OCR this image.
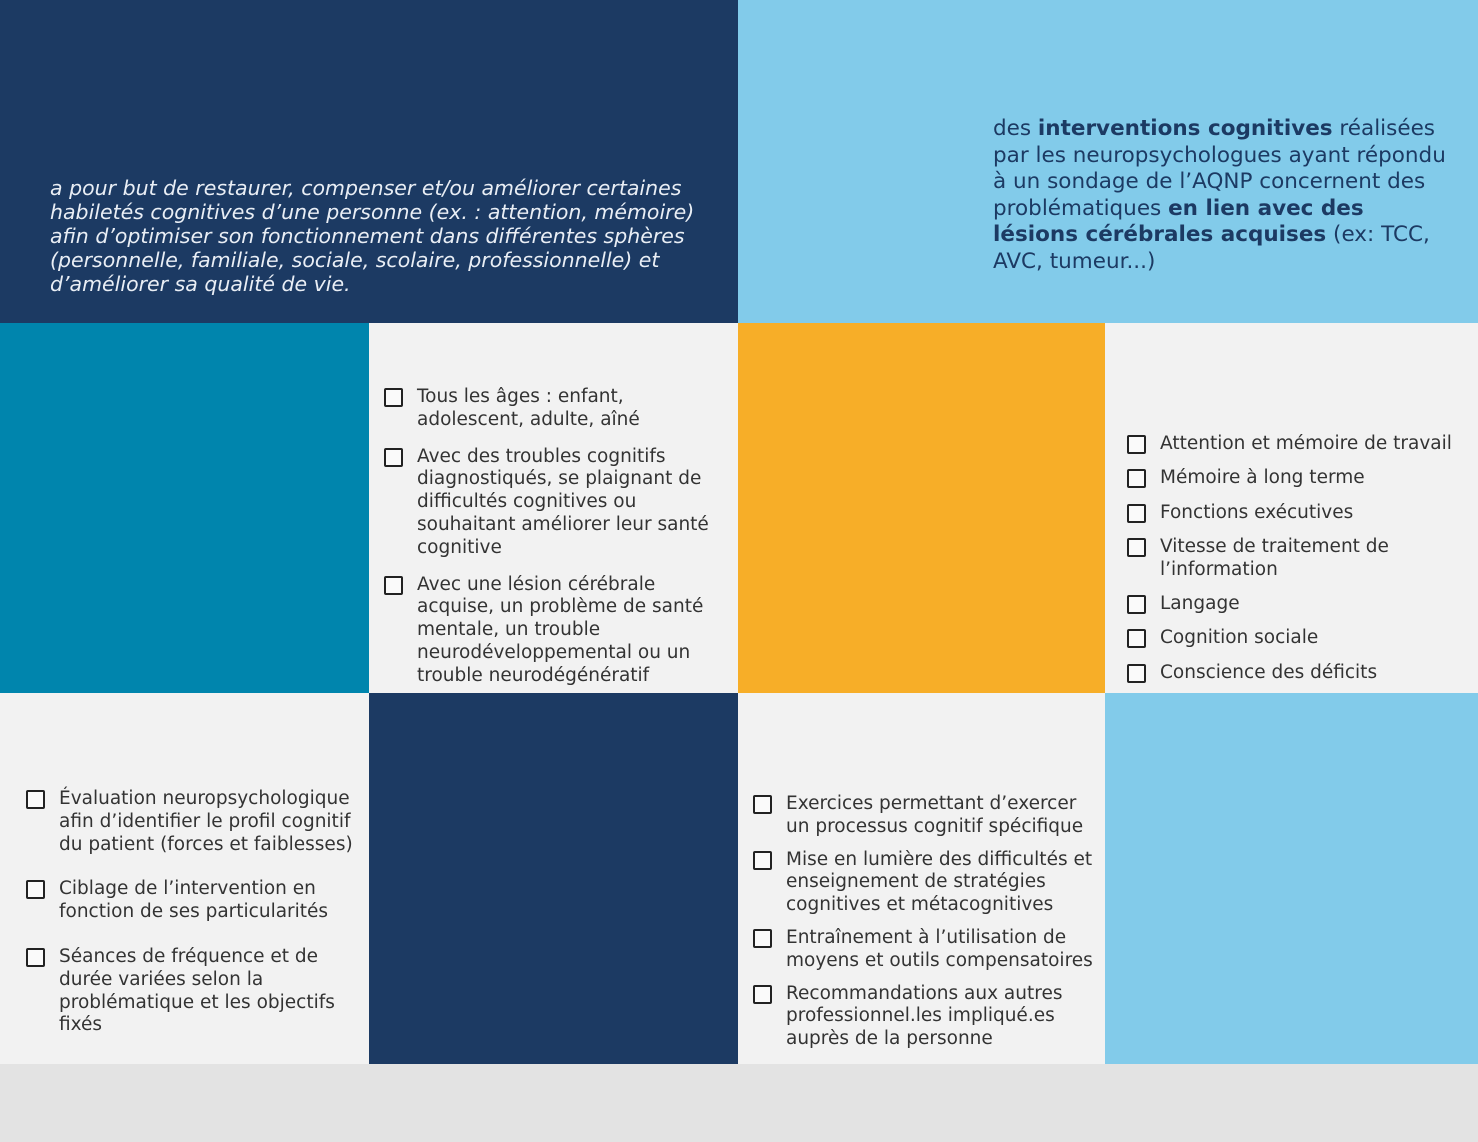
a pour but de restaurer, compenser et/ou améliorer certaines habiletés cognitives d’une personne (ex. : attention, mémoire) afin d’optimiser son fonctionnement dans différentes sphères (personnelle, familiale, sociale, scolaire, professionnelle) et d’améliorer sa qualité de vie.

des interventions cognitives réalisées par les neuropsychologues ayant répondu à un sondage de l’AQNP concernent des problématiques en lien avec des lésions cérébrales acquises (ex: TCC, AVC, tumeur...)

Tous les âges : enfant, adolescent, adulte, aîné
Avec des troubles cognitifs diagnostiqués, se plaignant de difficultés cognitives ou souhaitant améliorer leur santé cognitive
Avec une lésion cérébrale acquise, un problème de santé mentale, un trouble neurodéveloppemental ou un trouble neurodégénératif
Attention et mémoire de travail
Mémoire à long terme
Fonctions exécutives
Vitesse de traitement de l’information
Langage
Cognition sociale
Conscience des déficits
Évaluation neuropsychologique afin d’identifier le profil cognitif du patient (forces et faiblesses)
Ciblage de l’intervention en fonction de ses particularités
Séances de fréquence et de durée variées selon la problématique et les objectifs fixés
Exercices permettant d’exercer un processus cognitif spécifique
Mise en lumière des difficultés et enseignement de stratégies cognitives et métacognitives
Entraînement à l’utilisation de moyens et outils compensatoires
Recommandations aux autres professionnel.les impliqué.es auprès de la personne
